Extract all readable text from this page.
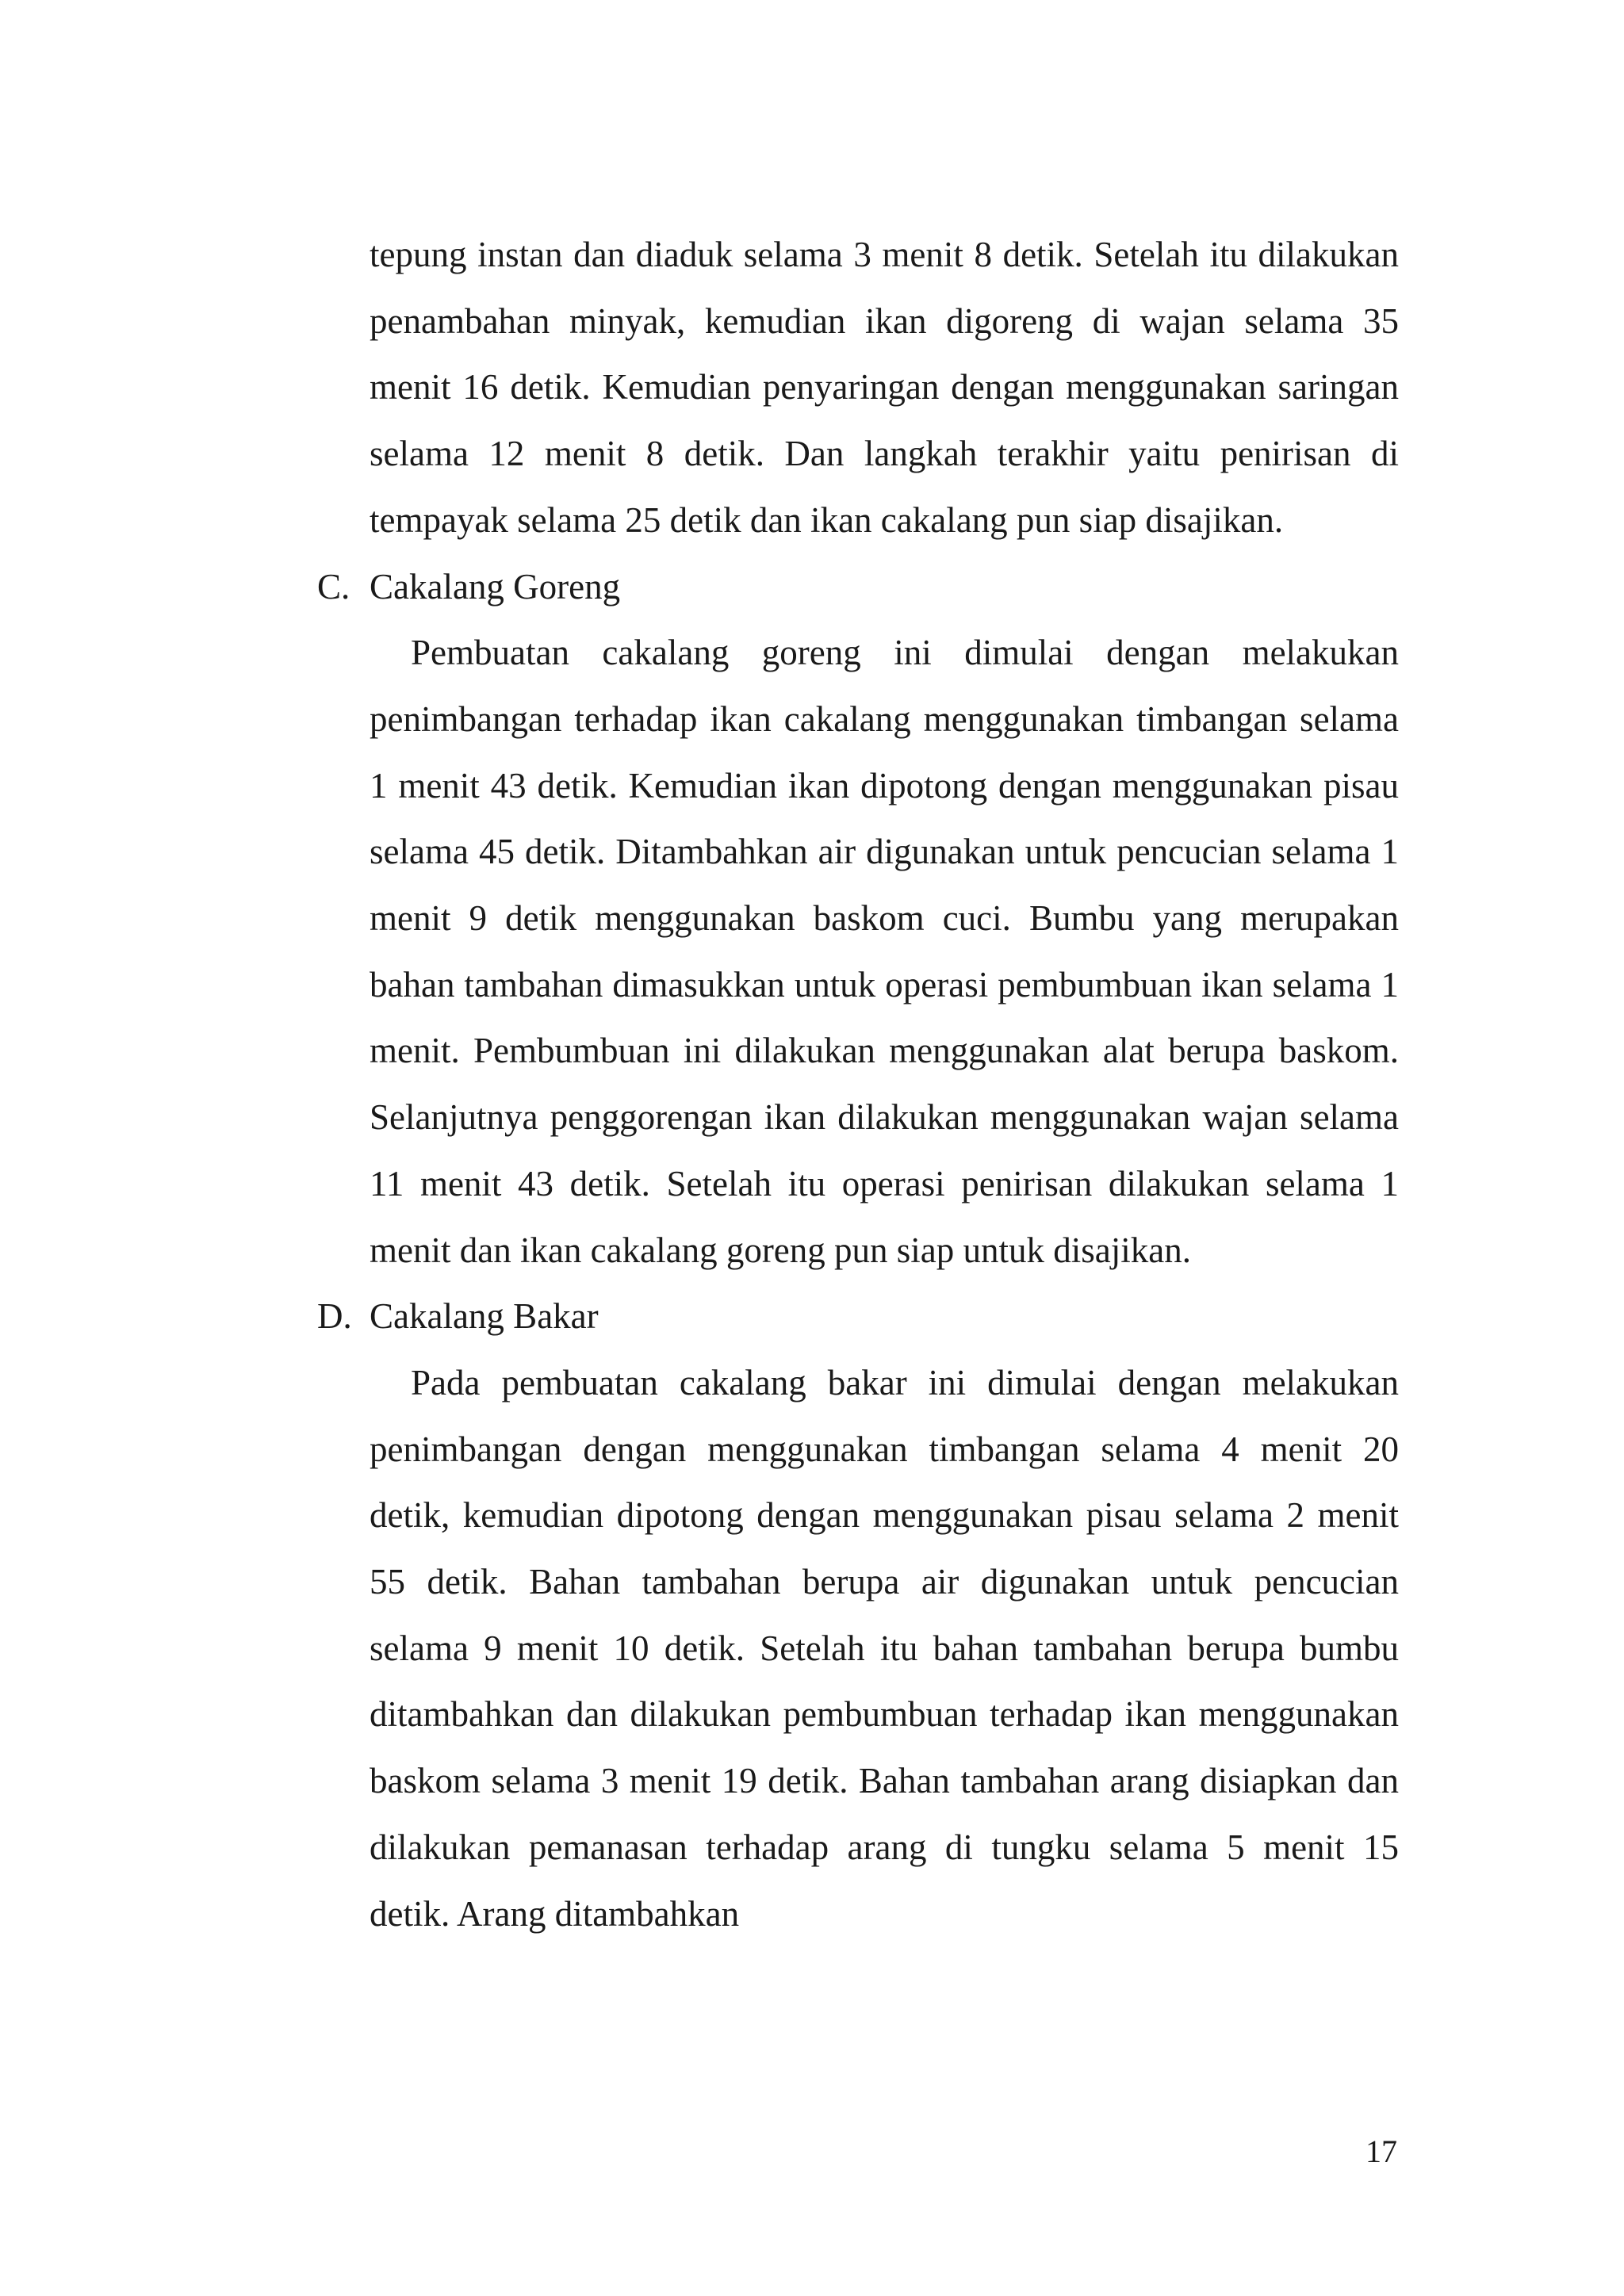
tepung instan dan diaduk selama 3 menit 8 detik. Setelah itu dilakukan penambahan minyak, kemudian ikan digoreng di wajan selama 35 menit 16 detik. Kemudian penyaringan dengan menggunakan saringan selama 12 menit 8 detik. Dan langkah terakhir yaitu penirisan di tempayak selama 25 detik dan ikan cakalang pun siap disajikan.

C. Cakalang Goreng

Pembuatan cakalang goreng ini dimulai dengan melakukan penimbangan terhadap ikan cakalang menggunakan timbangan selama 1 menit 43 detik. Kemudian ikan dipotong dengan menggunakan pisau selama 45 detik. Ditambahkan air digunakan untuk pencucian selama 1 menit 9 detik menggunakan baskom cuci. Bumbu yang merupakan bahan tambahan dimasukkan untuk operasi pembumbuan ikan selama 1 menit. Pembumbuan ini dilakukan menggunakan alat berupa baskom. Selanjutnya penggorengan ikan dilakukan menggunakan wajan selama 11 menit 43 detik. Setelah itu operasi penirisan dilakukan selama 1 menit dan ikan cakalang goreng pun siap untuk disajikan.

D. Cakalang Bakar

Pada pembuatan cakalang bakar ini dimulai dengan melakukan penimbangan dengan menggunakan timbangan selama 4 menit 20 detik, kemudian dipotong dengan menggunakan pisau selama 2 menit 55 detik. Bahan tambahan berupa air digunakan untuk pencucian selama 9 menit 10 detik. Setelah itu bahan tambahan berupa bumbu ditambahkan dan dilakukan pembumbuan terhadap ikan menggunakan baskom selama 3 menit 19 detik. Bahan tambahan arang disiapkan dan dilakukan pemanasan terhadap arang di tungku selama 5 menit 15 detik. Arang ditambahkan

17
